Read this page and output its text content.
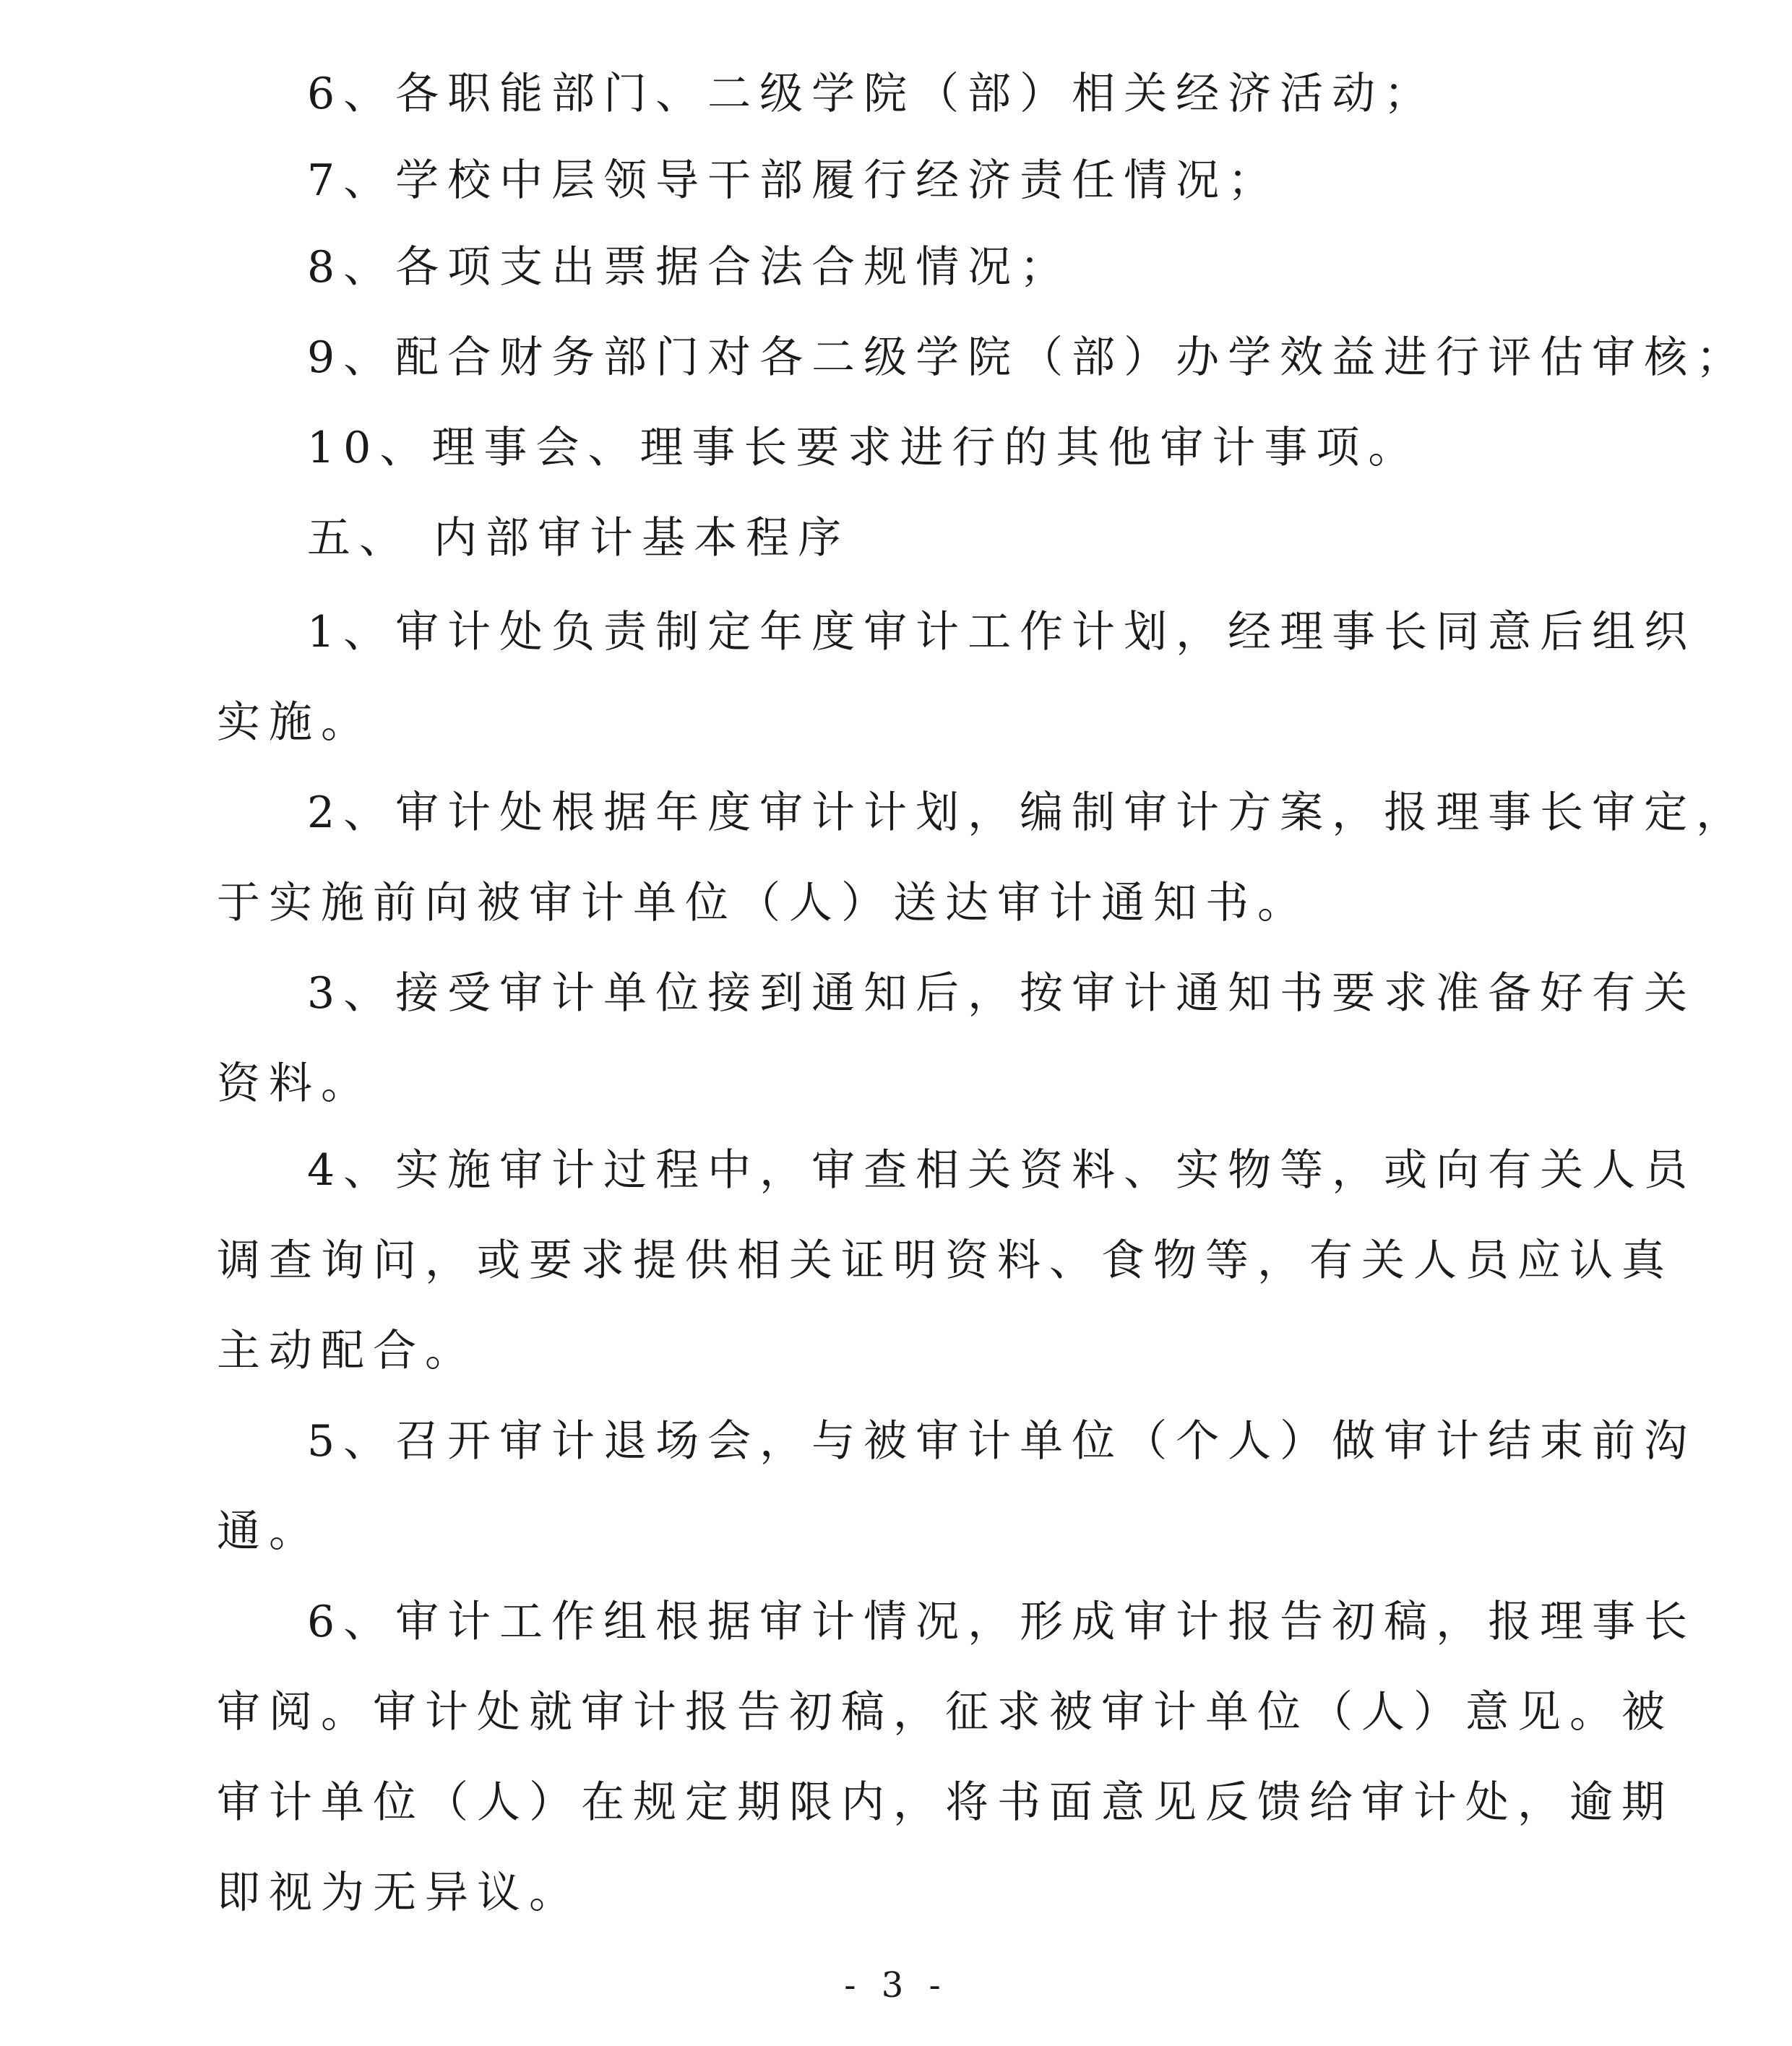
6、各职能部门、二级学院（部）相关经济活动；
7、学校中层领导干部履行经济责任情况；
8、各项支出票据合法合规情况；
9、配合财务部门对各二级学院（部）办学效益进行评估审核；
10、理事会、理事长要求进行的其他审计事项。
五、 内部审计基本程序
1、审计处负责制定年度审计工作计划，经理事长同意后组织
实施。
2、审计处根据年度审计计划，编制审计方案，报理事长审定，
于实施前向被审计单位（人）送达审计通知书。
3、接受审计单位接到通知后，按审计通知书要求准备好有关
资料。
4、实施审计过程中，审查相关资料、实物等，或向有关人员
调查询问，或要求提供相关证明资料、食物等，有关人员应认真
主动配合。
5、召开审计退场会，与被审计单位（个人）做审计结束前沟
通。
6、审计工作组根据审计情况，形成审计报告初稿，报理事长
审阅。审计处就审计报告初稿，征求被审计单位（人）意见。被
审计单位（人）在规定期限内，将书面意见反馈给审计处，逾期
即视为无异议。
- 3 -
